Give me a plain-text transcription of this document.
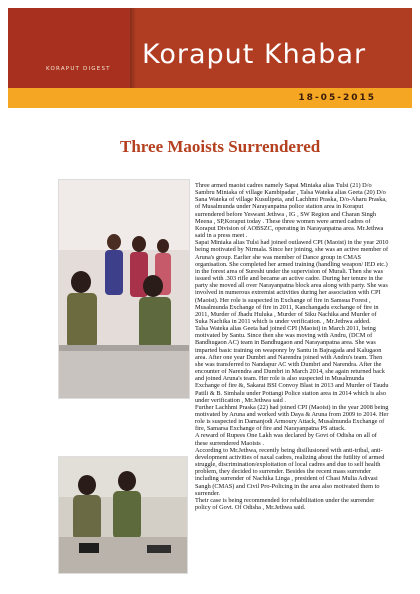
KORAPUT DIGEST Koraput Khabar
18-05-2015
Three Maoists Surrendered

Three armed maoist cadres namely Sapai Miniaka alias Tulsi (21) D/o Sambru Miniaka of village Kambipadar , Talsa Wateka alias Geeta (20) D/o Sana Wateka of village Kusulipeta, and Lachhmi Praska, D/o-Aharu Praska, of Musalmunda under Narayanpatna police station area in Koraput surrendered before Yeswant Jethwa , IG , SW Region and Charan Singh Meena , SP,Koraput today . These three women were armed cadres of Koraput Division of AOBSZC, operating in Narayanpatna area. Mr.Jethwa said in a press meet .

Sapai Miniaka alias Tulsi had joined outlawed CPI (Maoist) in the year 2010 being motivated by Nirmala. Since her joining, she was an active member of Aruna's group. Earlier she was member of Dance group in CMAS organisation. She completed her armed training (handling weapon/ IED etc.) in the forest area of Sureshi under the supervision of Murali. Then she was issued with .303 rifle and became an active cadre. During her tenure in the party she moved all over Narayanpatna block area along with party. She was involved in numerous extremist activities during her association with CPI (Maoist). Her role is suspected in Exchange of fire in Samsua Forest , Musalmunda Exchange of fire in 2011, Kanchangadu exchange of fire in 2011, Murder of Jhadu Huluka , Murder of Siku Nachika and Murder of Suka Nachika in 2011 which is under verification. , Mr.Jethwa added.

Talsa Wateka alias Geeta had joined CPI (Maoist) in March 2011, being motivated by Santu. Since then she was moving with Andru, (DCM of Bandhugaon AC) team in Bandhugaon and Narayanpatna area. She was imparted basic training on weaponry by Santu in Bajragada and Kalugaon area. After one year Dumbri and Narendra joined with Andru's team. Then she was transferred to Nandapur AC with Dumbri and Narendra. After the encounter of Narendra and Dumbri in March 2014, she again returned back and joined Aruna's team. Her role is also suspected in Musalmunda Exchange of fire &, Sakarai BSI Convoy Blast in 2013 and Murder of Taudu Patili & B. Simhalu under Pottangi Police station area in 2014 which is also under verification , Mr.Jethwa said .

Further Lachhmi Praska (22) had joined CPI (Maoist) in the year 2008 being motivated by Aruna and worked with Daya & Aruna from 2009 to 2014. Her role is suspected in Damanjodi Armoury Attack, Musalmunda Exchange of fire, Samarsa Exchange of fire and Narayanpatna PS attack.

A reward of Rupees One Lakh was declared by Govt of Odisha on all of these surrendered Maoists .

According to Mr.Jethwa, recently being disillusioned with anti-tribal, anti-development activities of naxal cadres, realizing about the futility of armed struggle, discrimination/exploitation of local cadres and due to self health problem, they decided to surrender. Besides the recent mass surrender including surrender of Nachika Linga , president of Chasi Mulia Adivasi Sangh (CMAS) and Civil Pro-Policing in the area also motivated them to surrender.

Their case is being recommended for rehabilitation under the surrender policy of Govt. Of Odisha , Mr.Jethwa said.
